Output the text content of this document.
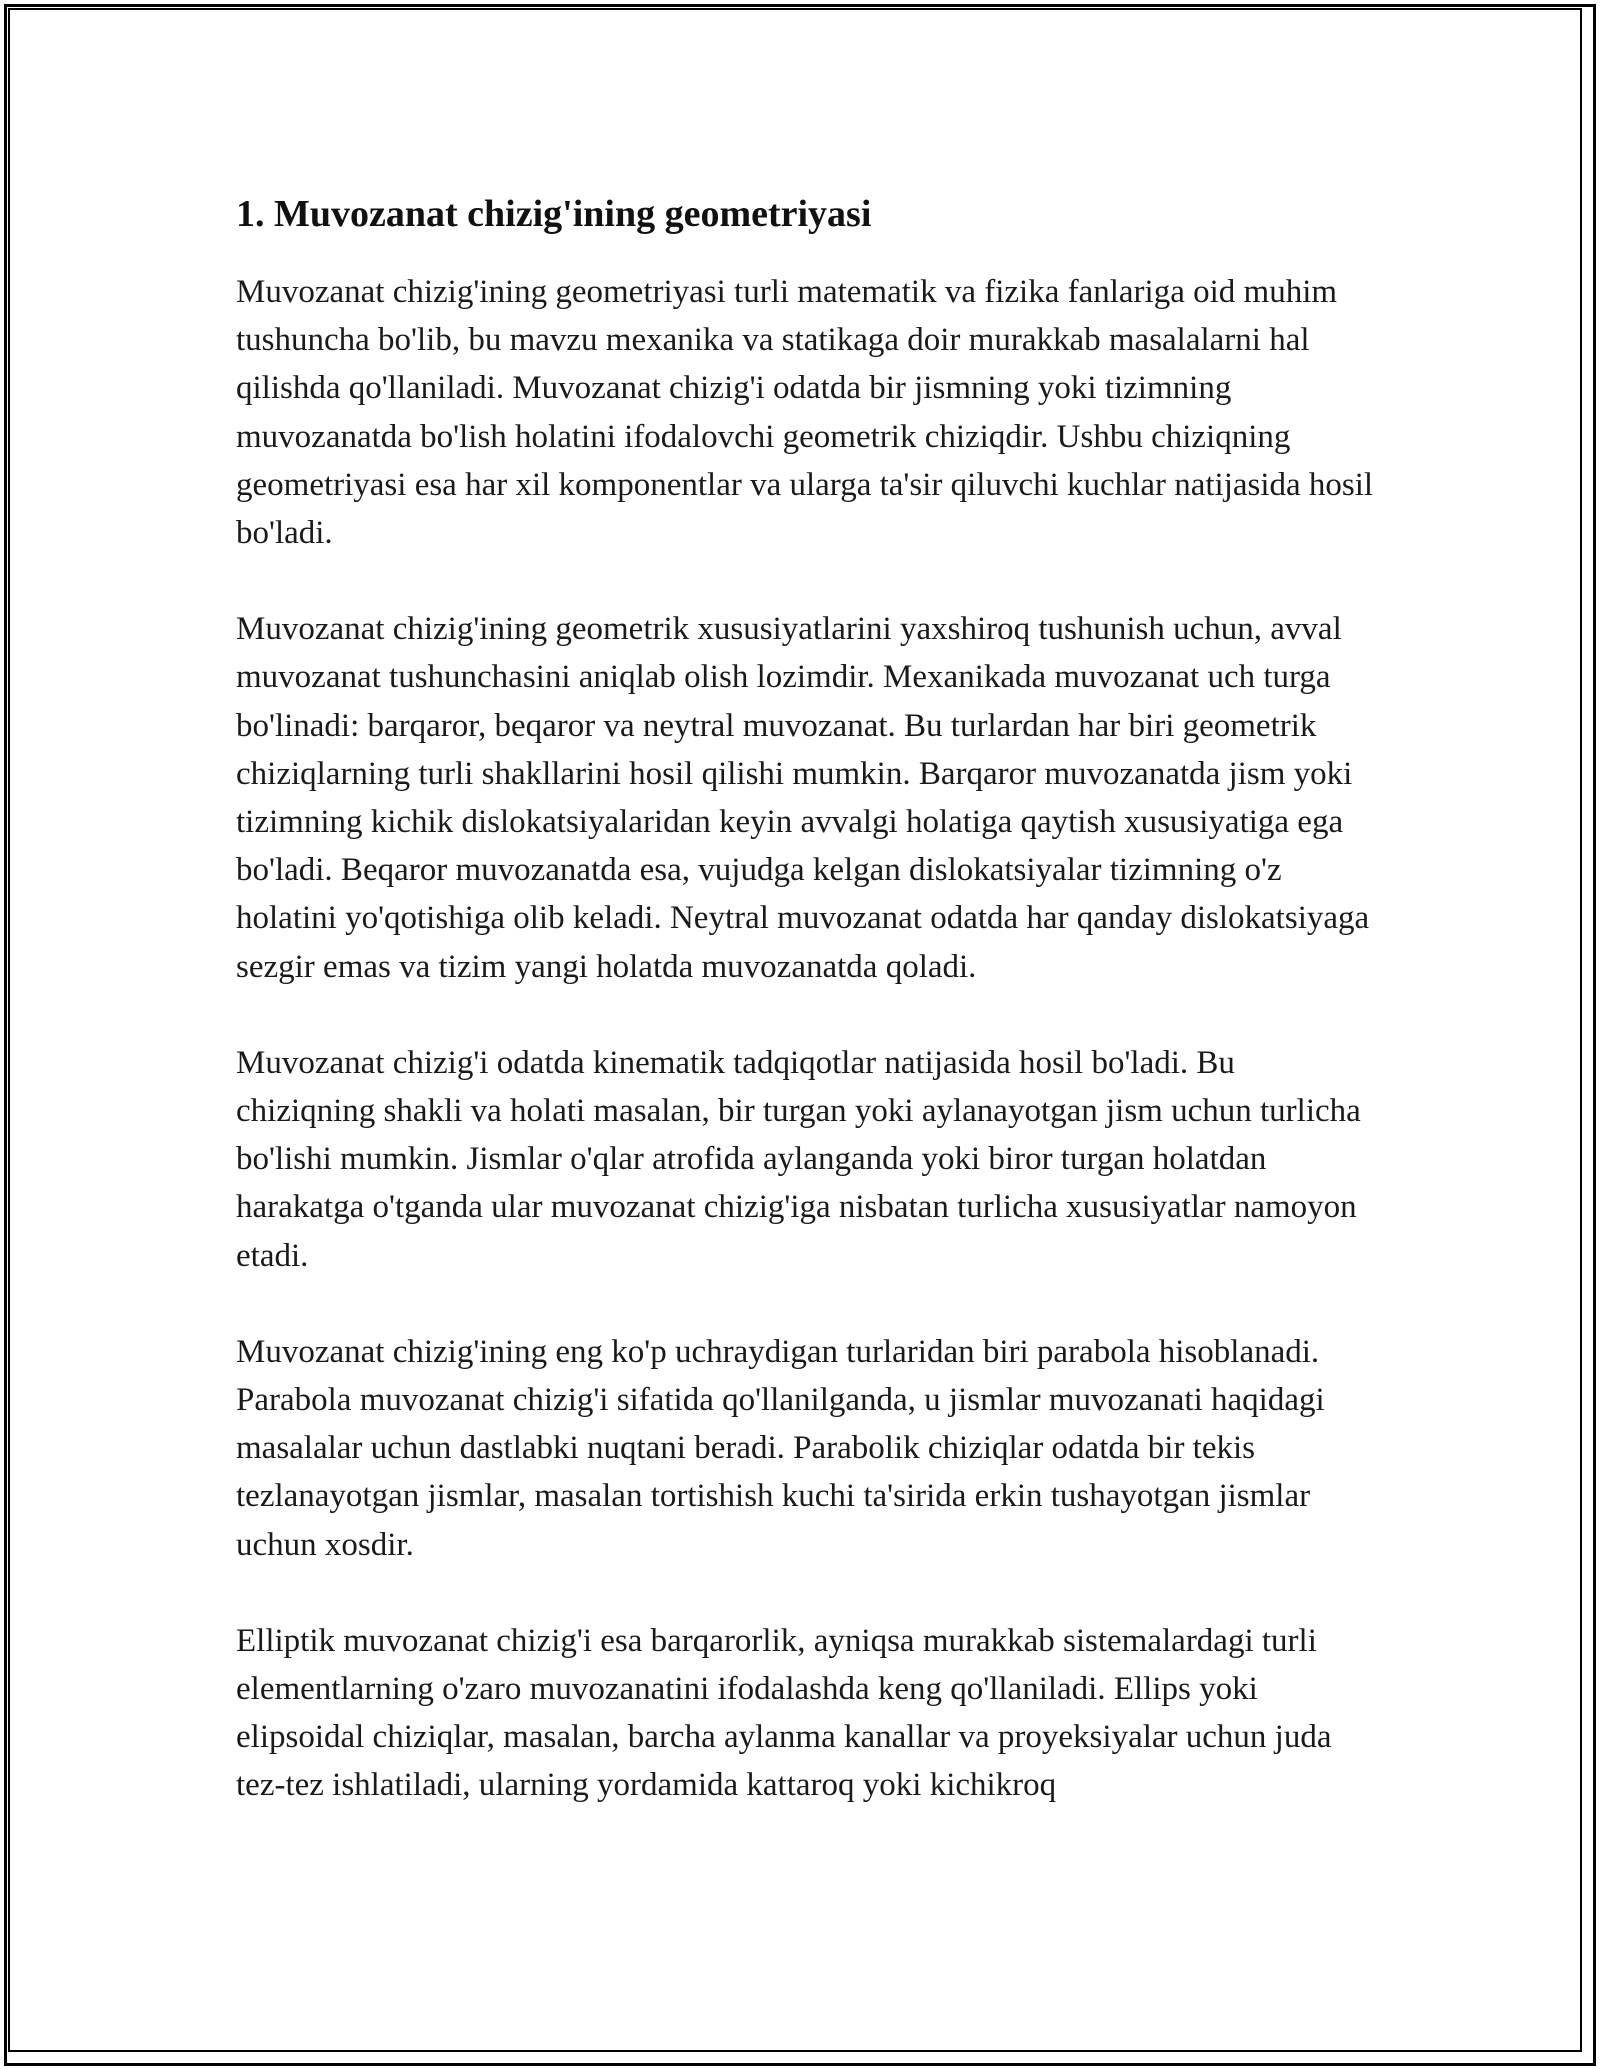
1. Muvozanat chizig'ining geometriyasi

Muvozanat chizig'ining geometriyasi turli matematik va fizika fanlariga oid muhim tushuncha bo'lib, bu mavzu mexanika va statikaga doir murakkab masalalarni hal qilishda qo'llaniladi. Muvozanat chizig'i odatda bir jismning yoki tizimning muvozanatda bo'lish holatini ifodalovchi geometrik chiziqdir. Ushbu chiziqning geometriyasi esa har xil komponentlar va ularga ta'sir qiluvchi kuchlar natijasida hosil bo'ladi.

Muvozanat chizig'ining geometrik xususiyatlarini yaxshiroq tushunish uchun, avval muvozanat tushunchasini aniqlab olish lozimdir. Mexanikada muvozanat uch turga bo'linadi: barqaror, beqaror va neytral muvozanat. Bu turlardan har biri geometrik chiziqlarning turli shakllarini hosil qilishi mumkin. Barqaror muvozanatda jism yoki tizimning kichik dislokatsiyalaridan keyin avvalgi holatiga qaytish xususiyatiga ega bo'ladi. Beqaror muvozanatda esa, vujudga kelgan dislokatsiyalar tizimning o'z holatini yo'qotishiga olib keladi. Neytral muvozanat odatda har qanday dislokatsiyaga sezgir emas va tizim yangi holatda muvozanatda qoladi.

Muvozanat chizig'i odatda kinematik tadqiqotlar natijasida hosil bo'ladi. Bu chiziqning shakli va holati masalan, bir turgan yoki aylanayotgan jism uchun turlicha bo'lishi mumkin. Jismlar o'qlar atrofida aylanganda yoki biror turgan holatdan harakatga o'tganda ular muvozanat chizig'iga nisbatan turlicha xususiyatlar namoyon etadi.

Muvozanat chizig'ining eng ko'p uchraydigan turlaridan biri parabola hisoblanadi. Parabola muvozanat chizig'i sifatida qo'llanilganda, u jismlar muvozanati haqidagi masalalar uchun dastlabki nuqtani beradi. Parabolik chiziqlar odatda bir tekis tezlanayotgan jismlar, masalan tortishish kuchi ta'sirida erkin tushayotgan jismlar uchun xosdir.

Elliptik muvozanat chizig'i esa barqarorlik, ayniqsa murakkab sistemalardagi turli elementlarning o'zaro muvozanatini ifodalashda keng qo'llaniladi. Ellips yoki elipsoidal chiziqlar, masalan, barcha aylanma kanallar va proyeksiyalar uchun juda tez-tez ishlatiladi, ularning yordamida kattaroq yoki kichikroq
